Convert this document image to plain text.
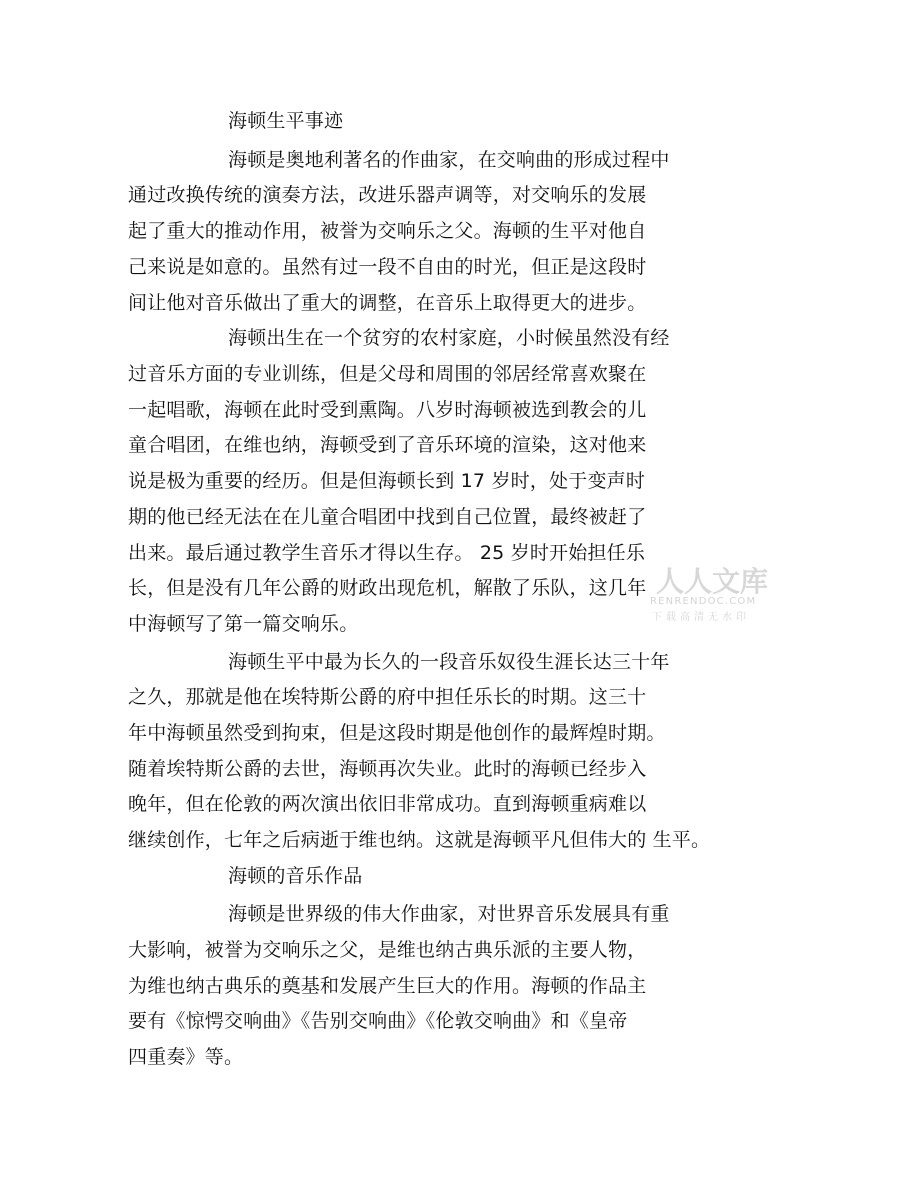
海顿生平事迹
海顿是奥地利著名的作曲家，在交响曲的形成过程中
通过改换传统的演奏方法，改进乐器声调等，对交响乐的发展
起了重大的推动作用，被誉为交响乐之父。海顿的生平对他自
己来说是如意的。虽然有过一段不自由的时光，但正是这段时
间让他对音乐做出了重大的调整，在音乐上取得更大的进步。
海顿出生在一个贫穷的农村家庭，小时候虽然没有经
过音乐方面的专业训练，但是父母和周围的邻居经常喜欢聚在
一起唱歌，海顿在此时受到熏陶。八岁时海顿被选到教会的儿
童合唱团，在维也纳，海顿受到了音乐环境的渲染，这对他来
说是极为重要的经历。但是但海顿长到 17 岁时，处于变声时
期的他已经无法在在儿童合唱团中找到自己位置，最终被赶了
出来。最后通过教学生音乐才得以生存。 25 岁时开始担任乐
长，但是没有几年公爵的财政出现危机，解散了乐队，这几年
中海顿写了第一篇交响乐。
海顿生平中最为长久的一段音乐奴役生涯长达三十年
之久，那就是他在埃特斯公爵的府中担任乐长的时期。这三十
年中海顿虽然受到拘束，但是这段时期是他创作的最辉煌时期。
随着埃特斯公爵的去世，海顿再次失业。此时的海顿已经步入
晚年，但在伦敦的两次演出依旧非常成功。直到海顿重病难以
继续创作，七年之后病逝于维也纳。这就是海顿平凡但伟大的 生平。
海顿的音乐作品
海顿是世界级的伟大作曲家，对世界音乐发展具有重
大影响，被誉为交响乐之父，是维也纳古典乐派的主要人物，
为维也纳古典乐的奠基和发展产生巨大的作用。海顿的作品主
要有《惊愕交响曲》《告别交响曲》《伦敦交响曲》和《皇帝
四重奏》等。
人人文库
RENRENDOC.COM
下载高清无水印
